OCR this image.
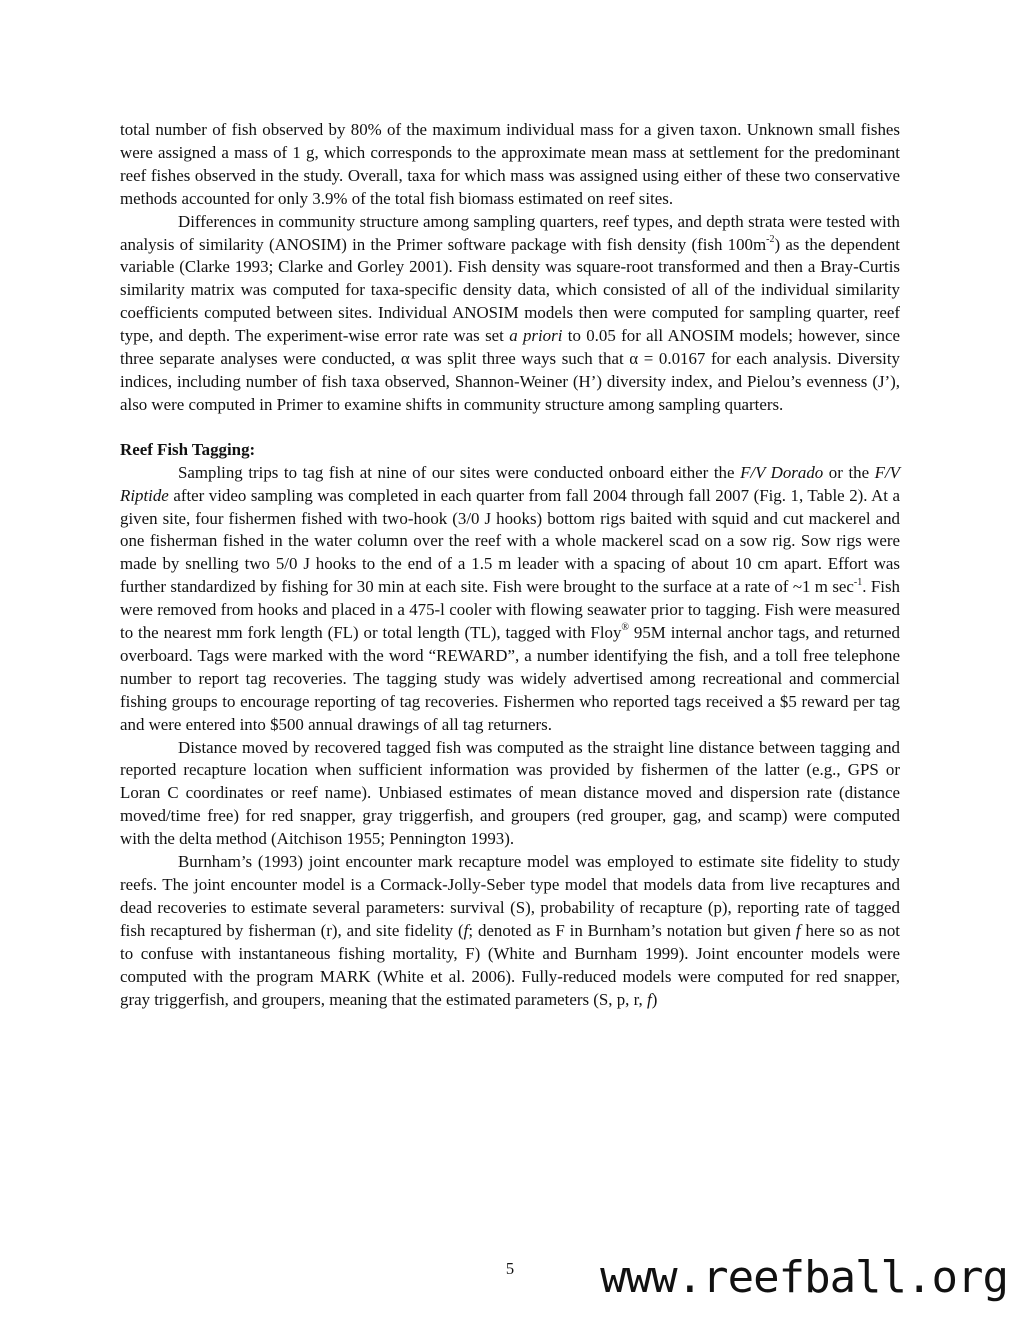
total number of fish observed by 80% of the maximum individual mass for a given taxon. Unknown small fishes were assigned a mass of 1 g, which corresponds to the approximate mean mass at settlement for the predominant reef fishes observed in the study. Overall, taxa for which mass was assigned using either of these two conservative methods accounted for only 3.9% of the total fish biomass estimated on reef sites.

Differences in community structure among sampling quarters, reef types, and depth strata were tested with analysis of similarity (ANOSIM) in the Primer software package with fish density (fish $100m^{-2}$) as the dependent variable (Clarke 1993; Clarke and Gorley 2001). Fish density was square-root transformed and then a Bray-Curtis similarity matrix was computed for taxa-specific density data, which consisted of all of the individual similarity coefficients computed between sites. Individual ANOSIM models then were computed for sampling quarter, reef type, and depth. The experiment-wise error rate was set a priori to 0.05 for all ANOSIM models; however, since three separate analyses were conducted, α was split three ways such that α = 0.0167 for each analysis. Diversity indices, including number of fish taxa observed, Shannon-Weiner (H’) diversity index, and Pielou’s evenness (J’), also were computed in Primer to examine shifts in community structure among sampling quarters.

Reef Fish Tagging:

Sampling trips to tag fish at nine of our sites were conducted onboard either the F/V Dorado or the F/V Riptide after video sampling was completed in each quarter from fall 2004 through fall 2007 (Fig. 1, Table 2). At a given site, four fishermen fished with two-hook (3/0 J hooks) bottom rigs baited with squid and cut mackerel and one fisherman fished in the water column over the reef with a whole mackerel scad on a sow rig. Sow rigs were made by snelling two 5/0 J hooks to the end of a 1.5 m leader with a spacing of about 10 cm apart. Effort was further standardized by fishing for 30 min at each site. Fish were brought to the surface at a rate of ~1 m $\sec^{-1}$. Fish were removed from hooks and placed in a 475-l cooler with flowing seawater prior to tagging. Fish were measured to the nearest mm fork length (FL) or total length (TL), tagged with Floy® 95M internal anchor tags, and returned overboard. Tags were marked with the word “REWARD”, a number identifying the fish, and a toll free telephone number to report tag recoveries. The tagging study was widely advertised among recreational and commercial fishing groups to encourage reporting of tag recoveries. Fishermen who reported tags received a $5 reward per tag and were entered into $500 annual drawings of all tag returners.

Distance moved by recovered tagged fish was computed as the straight line distance between tagging and reported recapture location when sufficient information was provided by fishermen of the latter (e.g., GPS or Loran C coordinates or reef name). Unbiased estimates of mean distance moved and dispersion rate (distance moved/time free) for red snapper, gray triggerfish, and groupers (red grouper, gag, and scamp) were computed with the delta method (Aitchison 1955; Pennington 1993).

Burnham’s (1993) joint encounter mark recapture model was employed to estimate site fidelity to study reefs. The joint encounter model is a Cormack-Jolly-Seber type model that models data from live recaptures and dead recoveries to estimate several parameters: survival (S), probability of recapture (p), reporting rate of tagged fish recaptured by fisherman (r), and site fidelity (f; denoted as F in Burnham’s notation but given f here so as not to confuse with instantaneous fishing mortality, F) (White and Burnham 1999). Joint encounter models were computed with the program MARK (White et al. 2006). Fully-reduced models were computed for red snapper, gray triggerfish, and groupers, meaning that the estimated parameters (S, p, r, f)

5	www.reefball.org
